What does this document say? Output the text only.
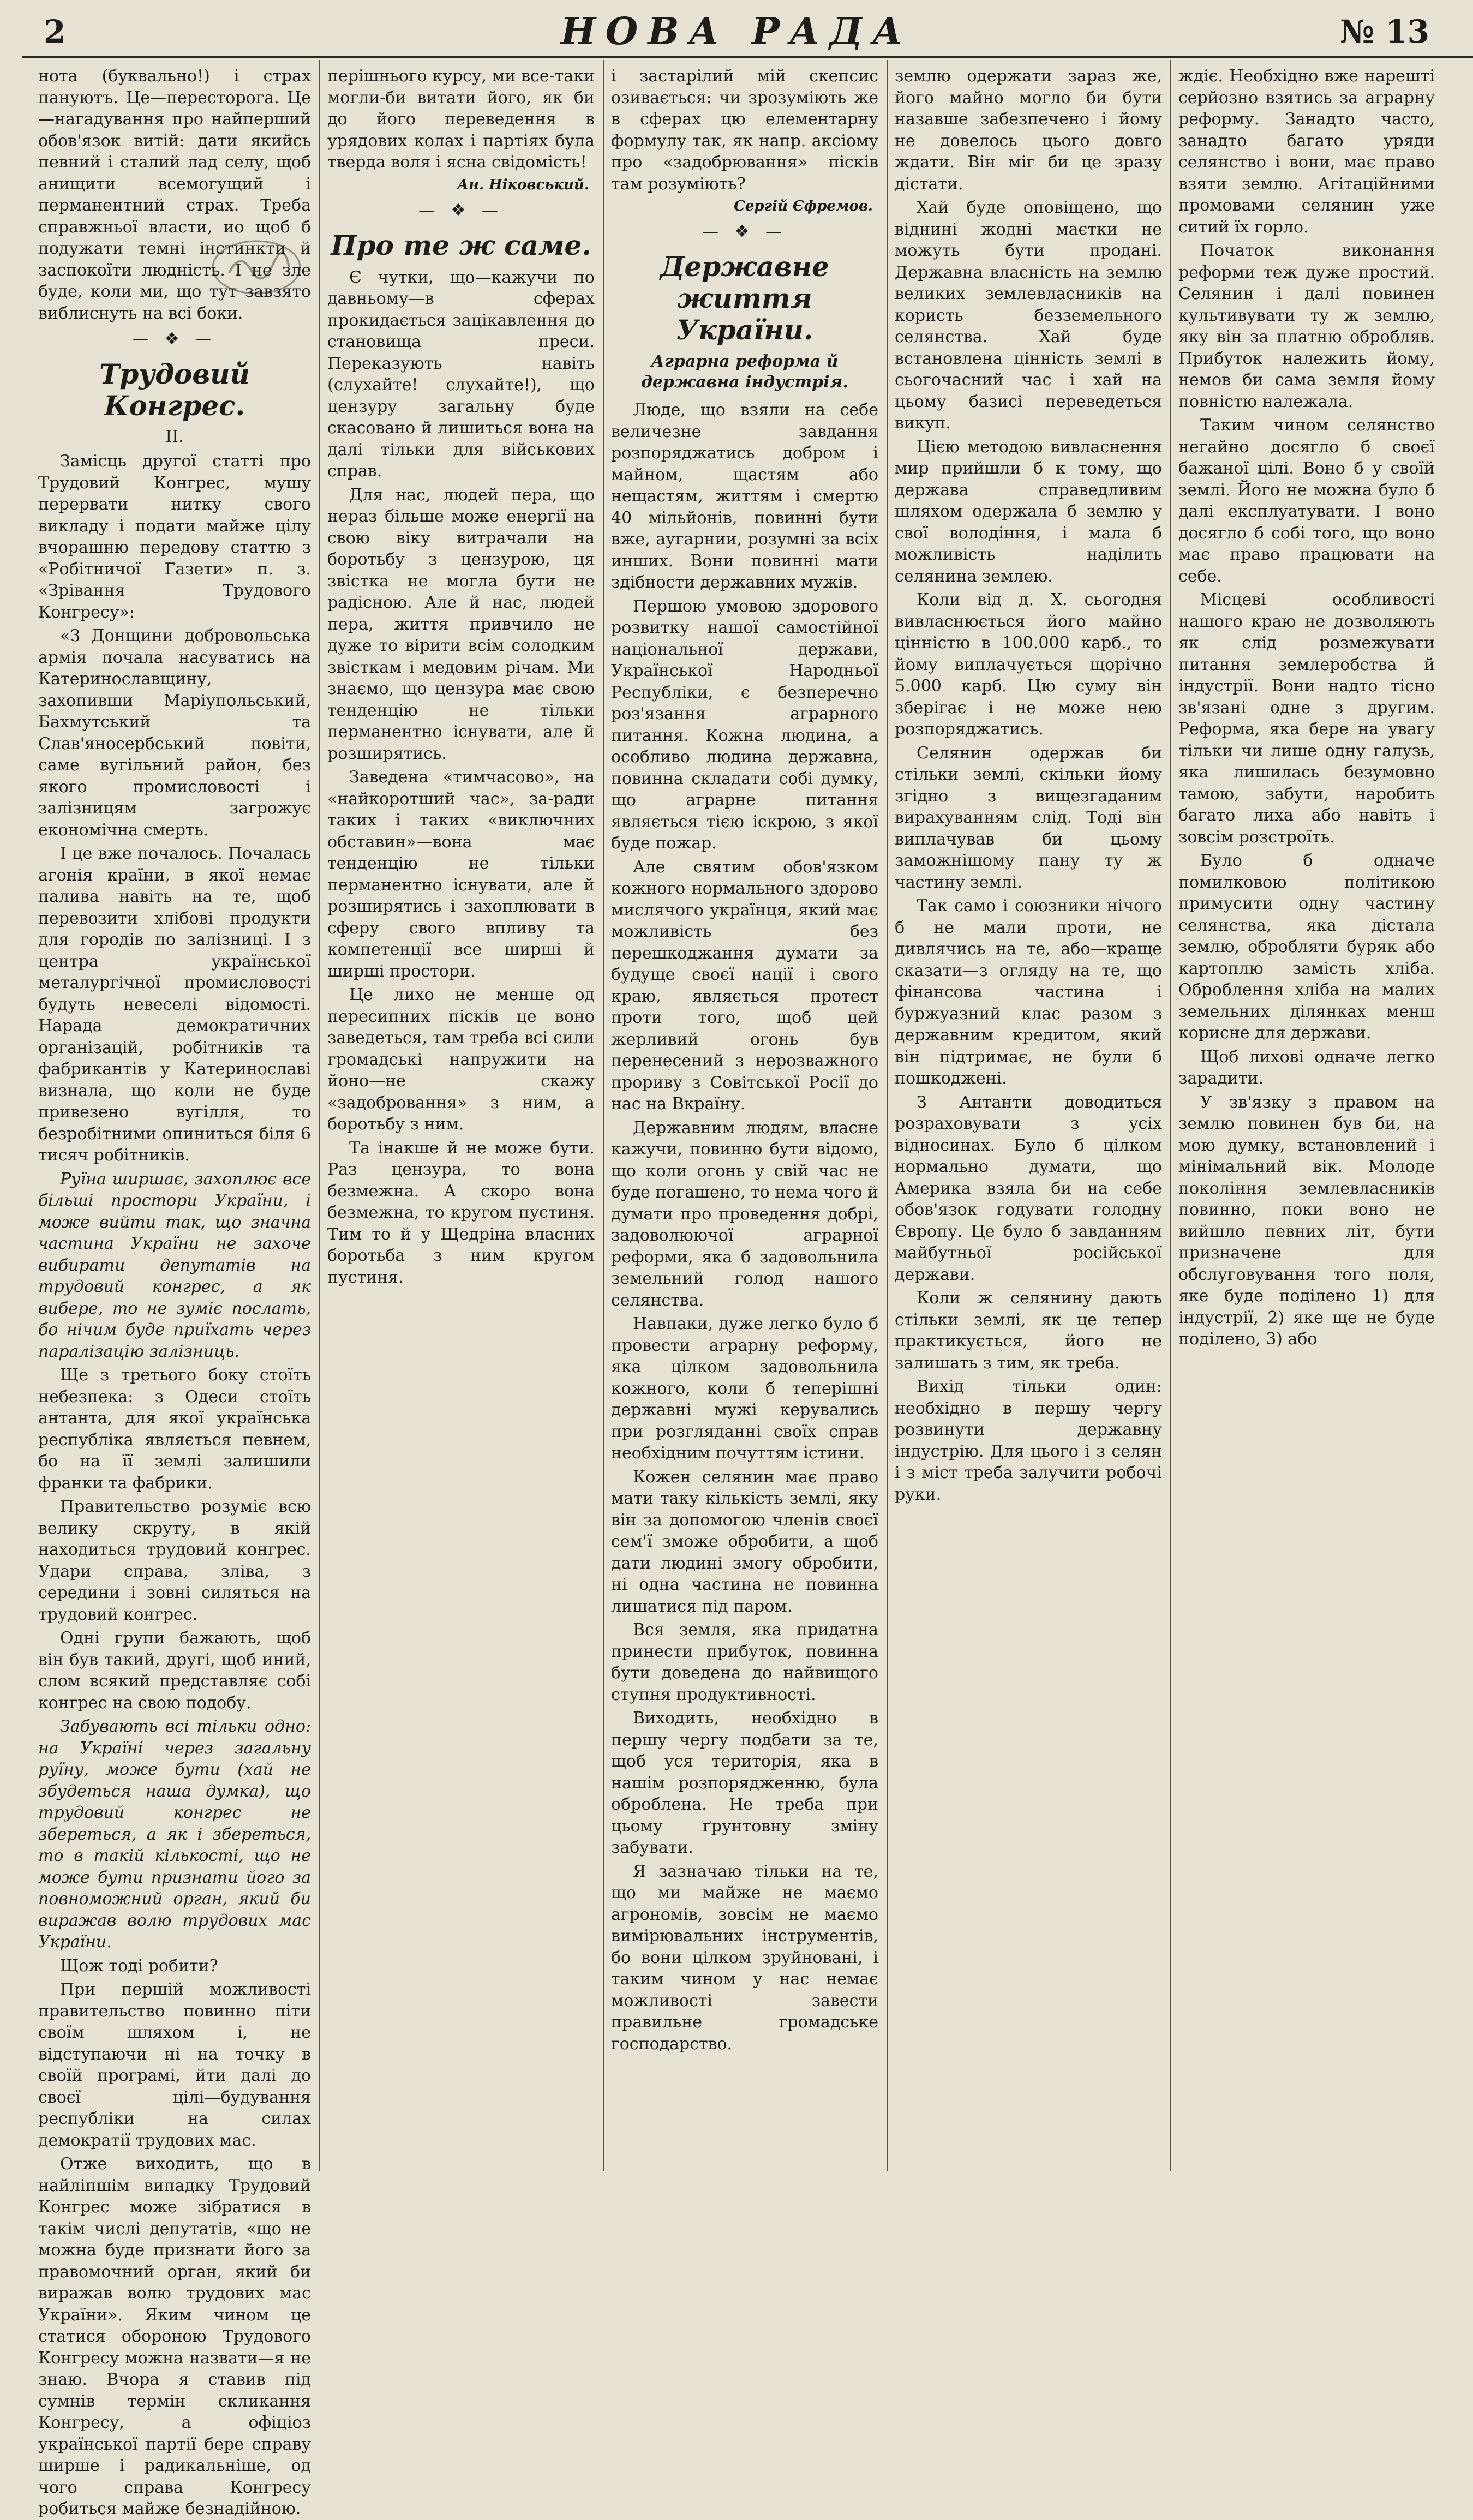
2	НОВА РАДА	№ 13

нота (буквально!) і страх пануютъ. Це—пересторога. Це—нагадування про найперший обов'язок витій: дати якийсь певний і сталий лад селу, щоб анищити всемогущий і перманентний страх. Треба справжньої власти, ио щоб б подужати темні інстинкти й заспокоїти людність. І не зле буде, коли ми, що тут завзято виблиснуть на всі боки.

— ❖ —
Трудовий Конгрес.
II.

Замісць другої статті про Трудовий Конгрес, мушу перервати нитку свого викладу і подати майже цілу вчорашню передову статтю з «Робітничої Газети» п. з. «Зрівання Трудового Конгресу»:

«З Донщини добровольська армія почала насуватись на Катеринославщину, захопивши Маріупольський, Бахмутський та Слав'яносербський повіти, саме вугільний район, без якого промисловості і залізницям загрожує економічна смерть.

І це вже почалось. Почалась агонія країни, в якої немає палива навіть на те, щоб перевозити хлібові продукти для городів по залізниці. І з центра української металургічної промисловості будуть невеселі відомості. Нарада демократичних організацій, робітників та фабрикантів у Катеринославі визнала, що коли не буде привезено вугілля, то безробітними опиниться біля 6 тисяч робітників.

Руїна ширшає, захоплює все більші простори України, і може вийти так, що значна частина України не захоче вибирати депутатів на трудовий конгрес, а як вибере, то не зуміє послать, бо нічим буде приїхать через паралізацію залізниць.

Ще з третього боку стоїть небезпека: з Одеси стоїть антанта, для якої українська республіка являється певнем, бо на її землі залишили франки та фабрики.

Правительство розуміє всю велику скруту, в якій находиться трудовий конгрес. Удари справа, зліва, з середини і зовні силяться на трудовий конгрес.

Одні групи бажають, щоб він був такий, другі, щоб иний, слом всякий представляє собі конгрес на свою подобу.

Забувають всі тільки одно: на Україні через загальну руїну, може бути (хай не збудеться наша думка), що трудовий конгрес не збереться, а як і збереться, то в такій кількості, що не може бути признати його за повноможний орган, який би виражав волю трудових мас України.

Щож тоді робити?

При першій можливості правительство повинно піти своїм шляхом і, не відступаючи ні на точку в своїй програмі, йти далі до своєї цілі—будування республіки на силах демократії трудових мас.

Отже виходить, що в найліпшім випадку Трудовий Конгрес може зібратися в такім числі депутатів, «що не можна буде признати його за правомочний орган, який би виражав волю трудових мас України». Яким чином це статися обороною Трудового Конгресу можна назвати—я не знаю. Вчора я ставив під сумнів термін скликання Конгресу, а офіціоз української партії бере справу ширше і радикальніше, од чого справа Конгресу робиться майже безнадійною.

перішнього курсу, ми все-таки могли-би витати його, як би до його переведення в урядових колах і партіях була тверда воля і ясна свідомість!

Ан. Ніковський.
— ❖ —
Про те ж саме.

Є чутки, що—кажучи по давньому—в сферах прокидається зацікавлення до становища преси. Переказують навіть (слухайте! слухайте!), що цензуру загальну буде скасовано й лишиться вона на далі тільки для військових справ.

Для нас, людей пера, що нераз більше може енергії на свою віку витрачали на боротьбу з цензурою, ця звістка не могла бути не радісною. Але й нас, людей пера, життя привчило не дуже то вірити всім солодким звісткам і медовим річам. Ми знаємо, що цензура має свою тенденцію не тільки перманентно існувати, але й розширятись.

Заведена «тимчасово», на «найкоротший час», за-ради таких і таких «виключних обставин»—вона має тенденцію не тільки перманентно існувати, але й розширятись і захоплювати в сферу свого впливу та компетенції все ширші й ширші простори.

Це лихо не менше од пересипних піскiв це воно заведеться, там треба всі сили громадські напружити на йоно—не скажу «задобровання» з ним, а боротьбу з ним.

Та інакше й не може бути. Раз цензура, то вона безмежна. А скоро вона безмежна, то кругом пустиня. Тим то й у Щедріна власних боротьба з ним кругом пустиня.

і застарілий мій скепсис озивається: чи зрозуміють же в сферах цю елементарну формулу так, як напр. аксіому про «задобрювання» пісків там розуміють?

Сергій Єфремов.
— ❖ —
Державне життя України.
Аграрна реформа й державна індустрія.

Люде, що взяли на себе величезне завдання розпоряджатись добром і майном, щастям або нещастям, життям і смертю 40 мільйонів, повинні бути вже, аугарнии, розумні за всіх инших. Вони повинні мати здібности державних мужів.

Першою умовою здорового розвитку нашої самостійної національної держави, Української Народньої Республіки, є безперечно роз'язання аграрного питання. Кожна людина, а особливо людина державна, повинна складати собі думку, що аграрне питання являється тією іскрою, з якої буде пожар.

Але святим обов'язком кожного нормального здорово мислячого українця, який має можливість без перешкоджання думати за будуще своєї нації і свого краю, являється протест проти того, щоб цей жерливий огонь був перенесений з нерозважного прориву з Совітської Росії до нас на Вкраїну.

Державним людям, власне кажучи, повинно бути відомо, що коли огонь у свій час не буде погашено, то нема чого й думати про проведення добрі, задоволюючої аграрної реформи, яка б задовольнила земельний голод нашого селянства.

Навпаки, дуже легко було б провести аграрну реформу, яка цілком задовольнила кожного, коли б теперішні державні мужі керувались при розгляданні своїх справ необхідним почуттям істини.

Кожен селянин має право мати таку кількість землі, яку він за допомогою членів своєї сем'ї зможе обробити, а щоб дати людині змогу обробити, ні одна частина не повинна лишатися під паром.

Вся земля, яка придатна принести прибуток, повинна бути доведена до найвищого ступня продуктивності.

Виходить, необхідно в першу чергу подбати за те, щоб уся територія, яка в нашім розпорядженню, була оброблена. Не треба при цьому ґрунтовну зміну забувати.

Я зазначаю тільки на те, що ми майже не маємо агрономів, зовсім не маємо вимірювальних інструментів, бо вони цілком зруйновані, і таким чином у нас немає можливості завести правильне громадське господарство.

землю одержати зараз же, його майно могло би бути назавше забезпечено і йому не довелось цього довго ждати. Він міг би це зразу дістати.

Хай буде оповіщено, що віднині жодні маєтки не можуть бути продані. Державна власність на землю великих землевласників на користь безземельного селянства. Хай буде встановлена цінність землі в сьогочасний час і хай на цьому базисі переведеться викуп.

Цією методою вивласнення мир прийшли б к тому, що держава справедливим шляхом одержала б землю у свої володіння, і мала б можливість наділить селянина землею.

Коли від д. Х. сьогодня вивласнюється його майно цінністю в 100.000 карб., то йому виплачується щорічно 5.000 карб. Цю суму він зберігає і не може нею розпоряджатись.

Селянин одержав би стільки землі, скільки йому згідно з вищезгаданим вирахуванням слід. Тоді він виплачував би цьому заможнішому пану ту ж частину землі.

Так само і союзники нічого б не мали проти, не дивлячись на те, або—краще сказати—з огляду на те, що фінансова частина і буржуазний клас разом з державним кредитом, який він підтримає, не були б пошкоджені.

З Антанти доводиться розраховувати з усіх відносинах. Було б цілком нормально думати, що Америка взяла би на себе обов'язок годувати голодну Європу. Це було б завданням майбутньої російської держави.

Коли ж селянину дають стільки землі, як це тепер практикується, його не залишать з тим, як треба.

Вихід тільки один: необхідно в першу чергу розвинути державну індустрію. Для цього і з селян і з міст треба залучити робочі руки.

ждіє. Необхідно вже нарешті серйозно взятись за аграрну реформу. Занадто часто, занадто багато уряди селянство і вони, має право взяти землю. Агітаційними промовами селянин уже ситий їх горло.

Початок виконання реформи теж дуже простий. Селянин і далі повинен культивувати ту ж землю, яку він за платню обробляв. Прибуток належить йому, немов би сама земля йому повністю належала.

Таким чином селянство негайно досягло б своєї бажаної цілі. Воно б у своїй землі. Його не можна було б далі експлуатувати. І воно досягло б собі того, що воно має право працювати на себе.

Місцеві особливості нашого краю не дозволяють як слід розмежувати питання землеробства й індустрії. Вони надто тісно зв'язані одне з другим. Реформа, яка бере на увагу тільки чи лише одну галузь, яка лишилась безумовно тамою, забути, наробить багато лиха або навіть і зовсім розстроїть.

Було б одначе помилковою політикою примусити одну частину селянства, яка дістала землю, обробляти буряк або картоплю замість хліба. Оброблення хліба на малих земельних ділянках менш корисне для держави.

Щоб лихові одначе легко зарадити.

У зв'язку з правом на землю повинен був би, на мою думку, встановлений і мінімальний вік. Молоде покоління землевласників повинно, поки воно не вийшло певних літ, бути призначене для обслуговування того поля, яке буде поділено 1) для індустрії, 2) яке ще не буде поділено, 3) або
